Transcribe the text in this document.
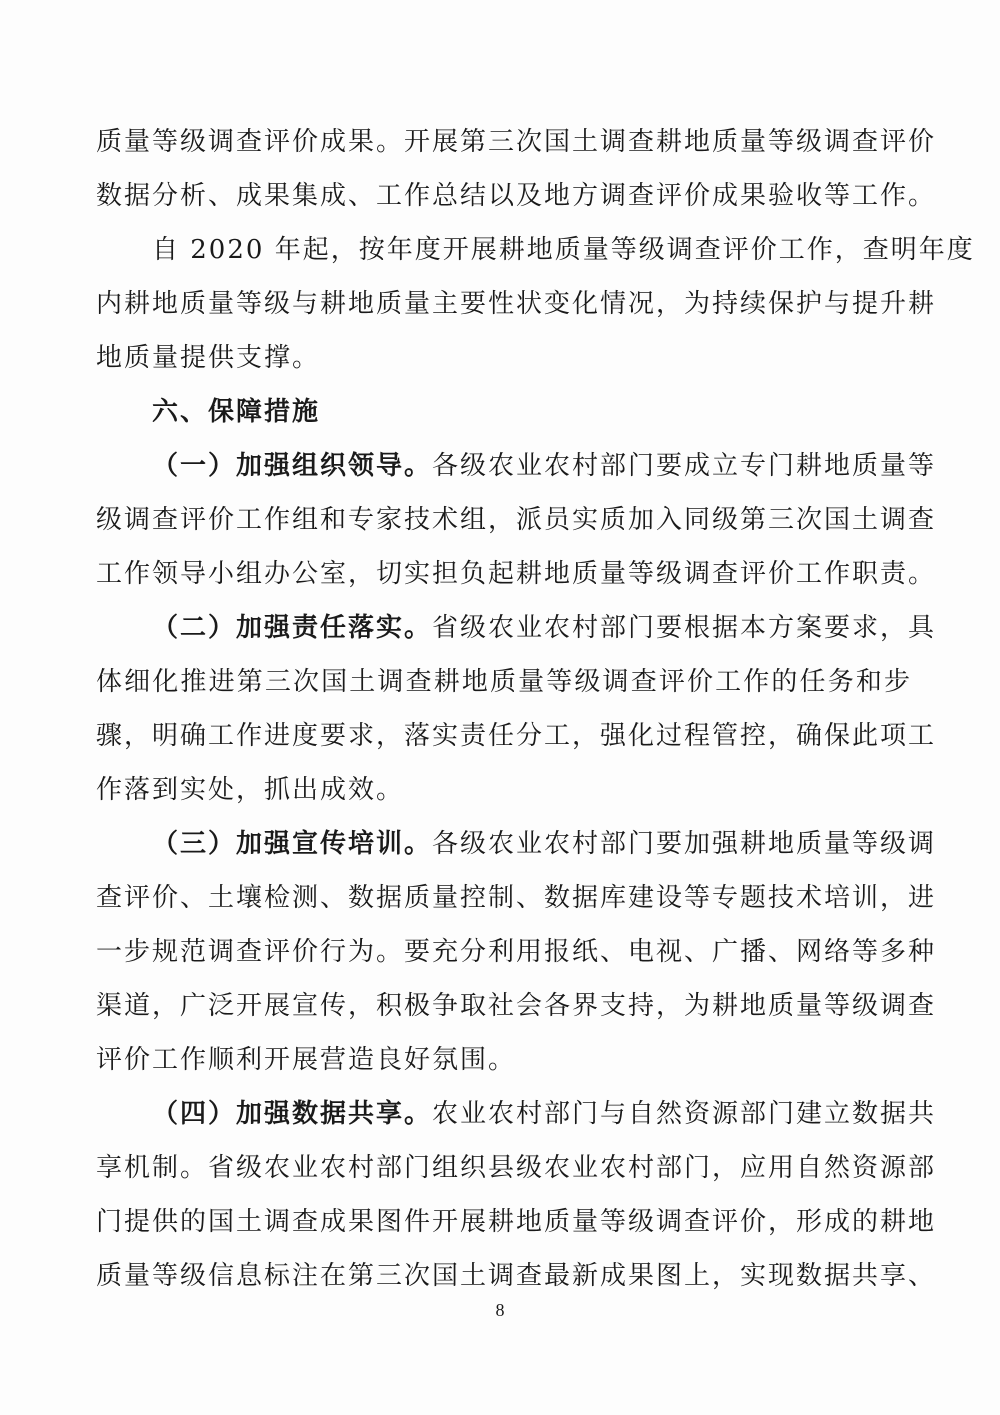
质量等级调查评价成果。开展第三次国土调查耕地质量等级调查评价
数据分析、成果集成、工作总结以及地方调查评价成果验收等工作。
自 2020 年起，按年度开展耕地质量等级调查评价工作，查明年度
内耕地质量等级与耕地质量主要性状变化情况，为持续保护与提升耕
地质量提供支撑。
六、保障措施
（一）加强组织领导。各级农业农村部门要成立专门耕地质量等
级调查评价工作组和专家技术组，派员实质加入同级第三次国土调查
工作领导小组办公室，切实担负起耕地质量等级调查评价工作职责。
（二）加强责任落实。省级农业农村部门要根据本方案要求，具
体细化推进第三次国土调查耕地质量等级调查评价工作的任务和步
骤，明确工作进度要求，落实责任分工，强化过程管控，确保此项工
作落到实处，抓出成效。
（三）加强宣传培训。各级农业农村部门要加强耕地质量等级调
查评价、土壤检测、数据质量控制、数据库建设等专题技术培训，进
一步规范调查评价行为。要充分利用报纸、电视、广播、网络等多种
渠道，广泛开展宣传，积极争取社会各界支持，为耕地质量等级调查
评价工作顺利开展营造良好氛围。
（四）加强数据共享。农业农村部门与自然资源部门建立数据共
享机制。省级农业农村部门组织县级农业农村部门，应用自然资源部
门提供的国土调查成果图件开展耕地质量等级调查评价，形成的耕地
质量等级信息标注在第三次国土调查最新成果图上，实现数据共享、
8
